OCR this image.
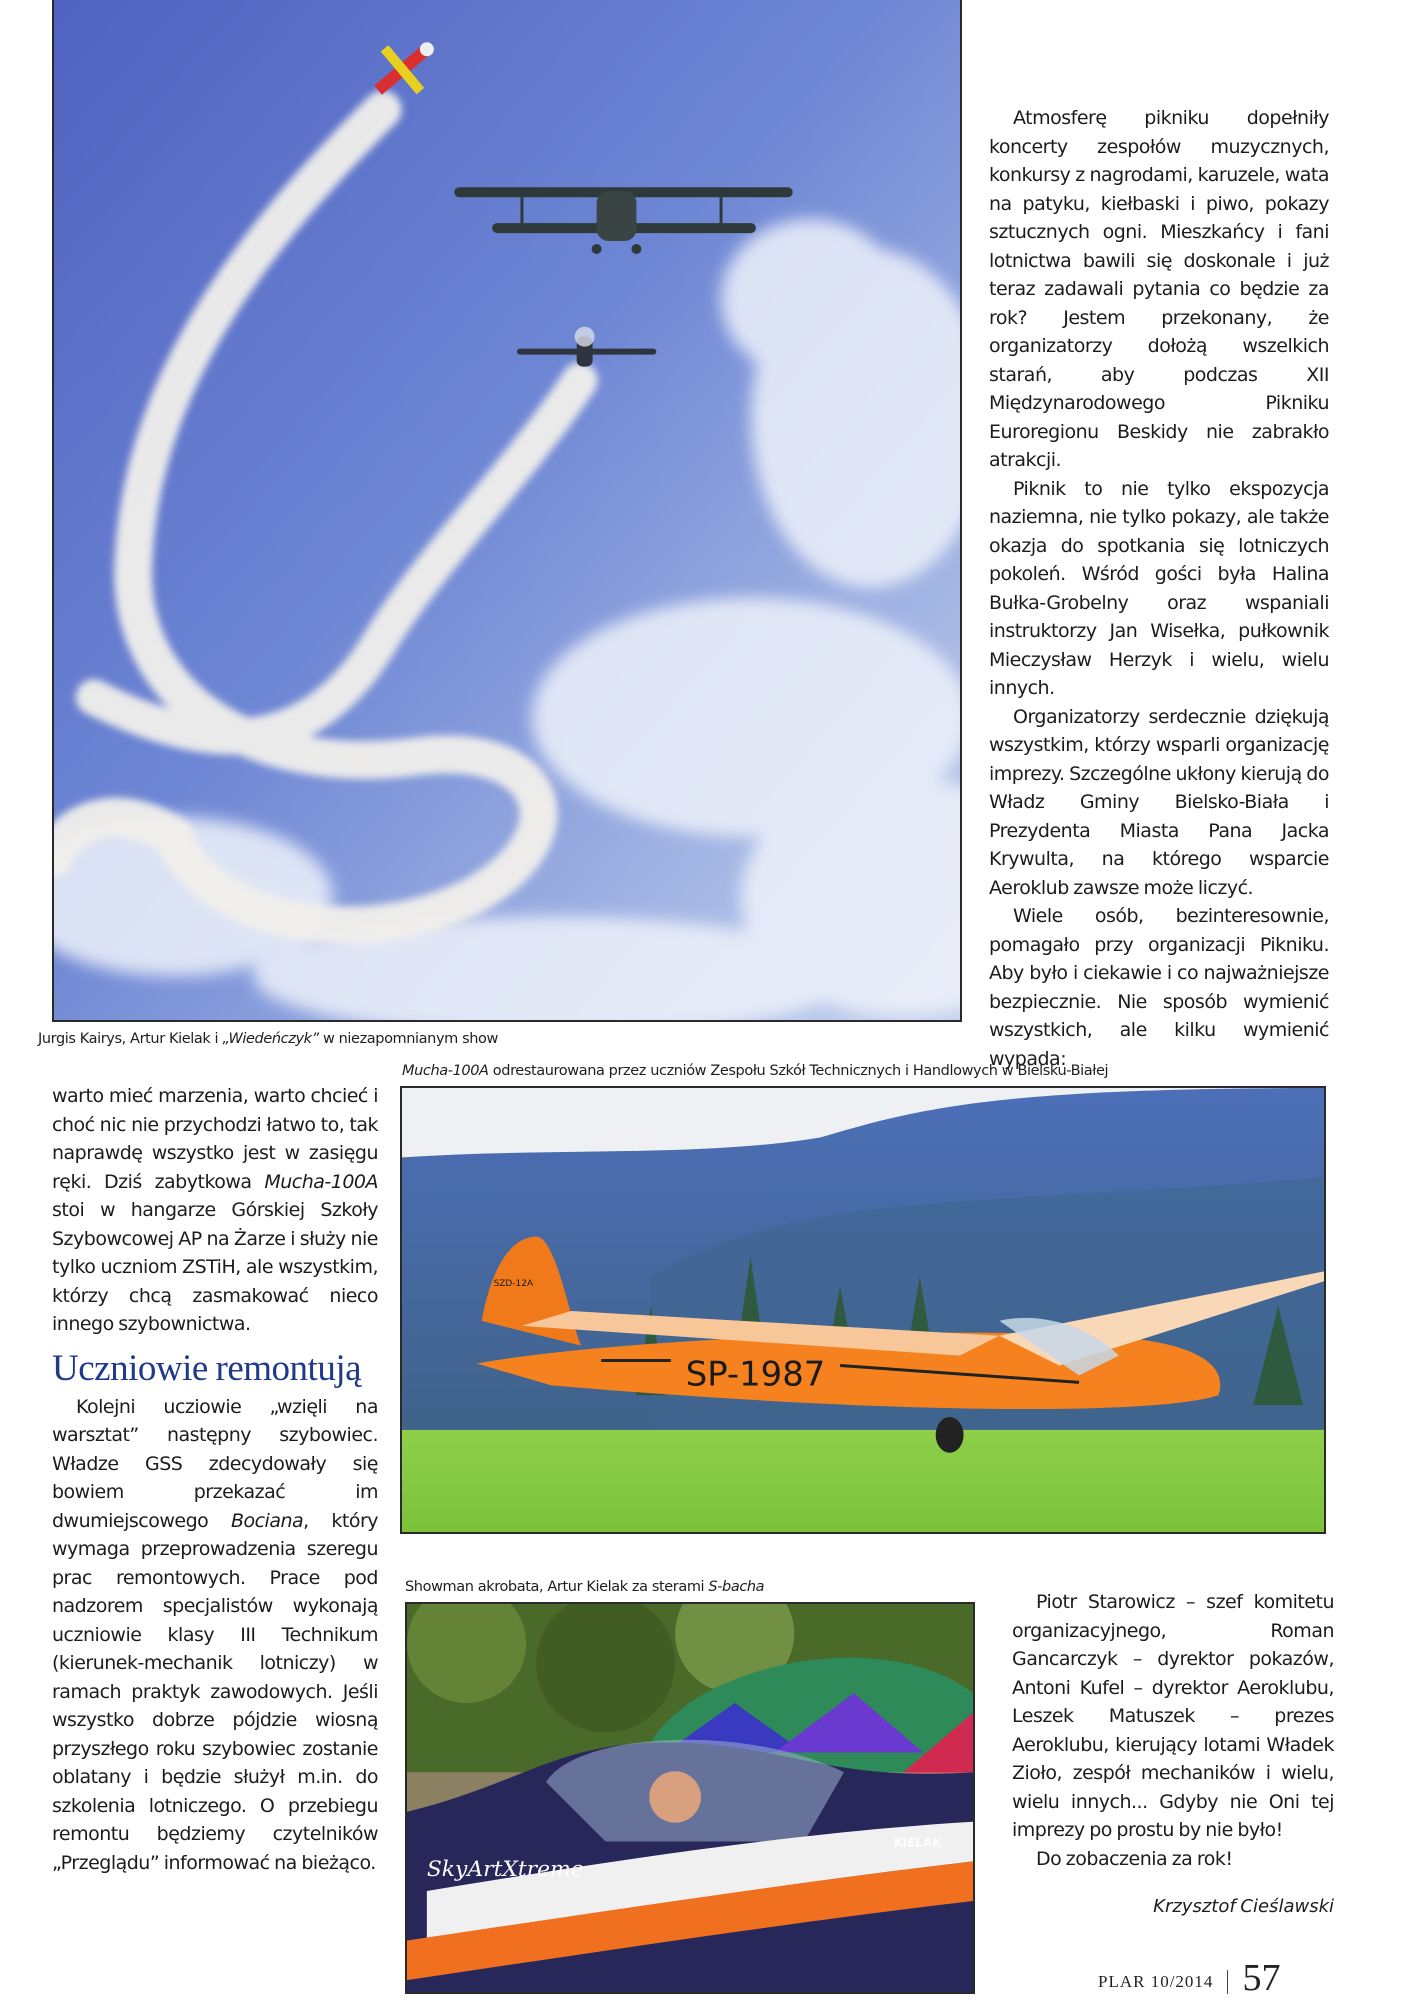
Jurgis Kairys, Artur Kielak i „Wiedeńczyk” w niezapomnianym show

Atmosferę pikniku dopełniły koncerty zespołów muzycznych, konkursy z nagrodami, karuzele, wata na patyku, kiełbaski i piwo, pokazy sztucznych ogni. Mieszkańcy i fani lotnictwa bawili się doskonale i już teraz zadawali pytania co będzie za rok? Jestem przekonany, że organizatorzy dołożą wszelkich starań, aby podczas XII Międzynarodowego Pikniku Euroregionu Beskidy nie zabrakło atrakcji.

Piknik to nie tylko ekspozycja naziemna, nie tylko pokazy, ale także okazja do spotkania się lotniczych pokoleń. Wśród gości była Halina Bułka-Grobelny oraz wspaniali instruktorzy Jan Wisełka, pułkownik Mieczysław Herzyk i wielu, wielu innych.

Organizatorzy serdecznie dziękują wszystkim, którzy wsparli organizację imprezy. Szczególne ukłony kierują do Władz Gminy Bielsko-Biała i Prezydenta Miasta Pana Jacka Krywulta, na którego wsparcie Aeroklub zawsze może liczyć.

Wiele osób, bezinteresownie, pomagało przy organizacji Pikniku. Aby było i ciekawie i co najważniejsze bezpiecznie. Nie sposób wymienić wszystkich, ale kilku wymienić wypada:

Mucha-100A odrestaurowana przez uczniów Zespołu Szkół Technicznych i Handlowych w Bielsku-Białej
SP-1987
SZD-12A

warto mieć marzenia, warto chcieć i choć nic nie przychodzi łatwo to, tak naprawdę wszystko jest w zasięgu ręki. Dziś zabytkowa Mucha-100A stoi w hangarze Górskiej Szkoły Szybowcowej AP na Żarze i służy nie tylko uczniom ZSTiH, ale wszystkim, którzy chcą zasmakować nieco innego szybownictwa.

Uczniowie remontują

Kolejni ucziowie „wzięli na warsztat” następny szybowiec. Władze GSS zdecydowały się bowiem przekazać im dwumiejscowego Bociana, który wymaga przeprowadzenia szeregu prac remontowych. Prace pod nadzorem specjalistów wykonają uczniowie klasy III Technikum (kierunek-mechanik lotniczy) w ramach praktyk zawodowych. Jeśli wszystko dobrze pójdzie wiosną przyszłego roku szybowiec zostanie oblatany i będzie służył m.in. do szkolenia lotniczego. O przebiegu remontu będziemy czytelników „Przeglądu” informować na bieżąco.

Showman akrobata, Artur Kielak za sterami S-bacha
SkyArtXtreme
KIELAK

Piotr Starowicz – szef komitetu organizacyjnego, Roman Gancarczyk – dyrektor pokazów, Antoni Kufel – dyrektor Aeroklubu, Leszek Matuszek – prezes Aeroklubu, kierujący lotami Władek Zioło, zespół mechaników i wielu, wielu innych... Gdyby nie Oni tej imprezy po prostu by nie było!

Do zobaczenia za rok!

Krzysztof Cieślawski
PLAR 10/2014 57
